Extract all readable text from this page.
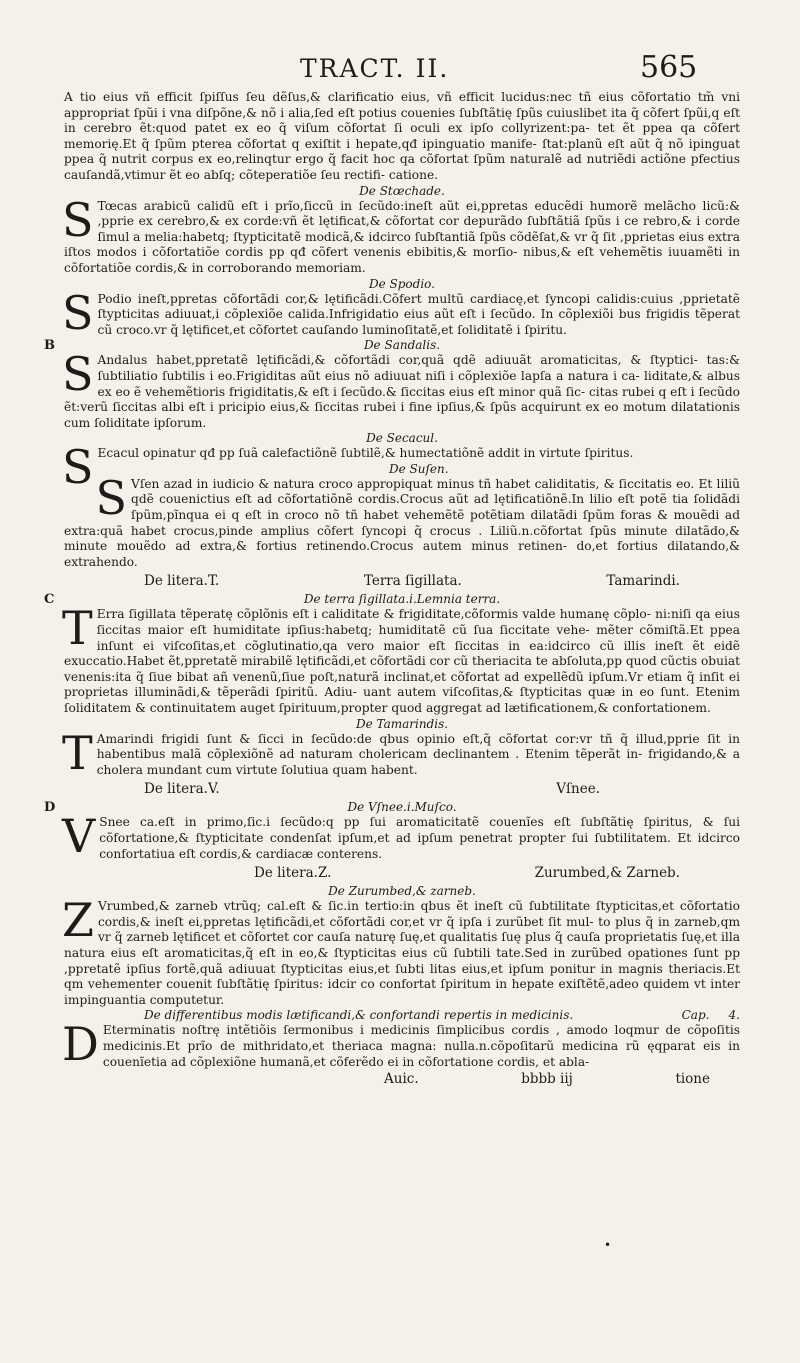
TRACT. II.	565

A tio eius vñ efficit ſpiſſus ſeu dẽſus,& clarificatio eius, vñ efficit lucidus:nec tñ eius cõfortatio tm̃ vni appropriat ſpũi i vna diſpõne,& nõ i alia,ſed eſt potius couenies ſubſtãtię ſpũs cuiuslibet ita q̃ cõfert ſpũi,q eſt in cerebro ẽt:quod patet ex eo q̃ viſum cõfortat ſi oculi ex ipſo collyrizent:pa- tet ẽt ppea qa cõfert memorię.Et q̃ ſpũm pterea cõfortat q exiſtit i hepate,qđ ipinguatio manife- ſtat:planũ eſt aũt q̃ nõ ipinguat ppea q̃ nutrit corpus ex eo,relinqtur ergo q̃ facit hoc qa cõfortat ſpũm naturalẽ ad nutriẽdi actiõne pfectius cauſandã,vtimur ẽt eo abſq; cõteperatiõe ſeu rectifi- catione.

De Stœchade.

S Tœcas arabicũ calidũ eſt i prĩo,ſiccũ in ſecũdo:ineſt aũt ei,ppretas educẽdi humorẽ melãcho licũ:& ,pprie ex cerebro,& ex corde:vñ ẽt lętificat,& cõfortat cor depurãdo ſubſtãtiã ſpũs i ce rebro,& i corde ſimul a melia:habetq; ſtypticitatẽ modicã,& idcirco ſubſtantiã ſpũs cõdẽſat,& vr q̃ ſit ,pprietas eius extra iſtos modos i cõfortatiõe cordis pp qđ cõfert venenis ebibitis,& morſio- nibus,& eſt vehemẽtis iuuamẽti in cõfortatiõe cordis,& in corroborando memoriam.

De Spodio.

S Podio ineſt,ppretas cõfortãdi cor,& lętificãdi.Cõfert multũ cardiacę,et ſyncopi calidis:cuius ,pprietatẽ ſtypticitas adiuuat,i cõplexiõe calida.Infrigidatio eius aũt eſt i ſecũdo. In cõplexiõi bus frigidis tẽperat cũ croco.vr q̃ lętificet,et cõfortet cauſando luminoſitatẽ,et ſoliditatẽ i ſpiritu.

B	De Sandalis.

S Andalus habet,ppretatẽ lętificãdi,& cõfortãdi cor,quã qdẽ adiuuãt aromaticitas, & ſtyptici- tas:& ſubtiliatio ſubtilis i eo.Frigiditas aũt eius nõ adiuuat niſi i cõplexiõe lapſa a natura i ca- liditate,& albus ex eo ẽ vehemẽtioris frigiditatis,& eſt i ſecũdo.& ſiccitas eius eſt minor quã ſic- citas rubei q eſt i ſecũdo ẽt:verũ ſiccitas albi eſt i pricipio eius,& ſiccitas rubei i fine ipſius,& ſpũs acquirunt ex eo motum dilatationis cum ſoliditate ipſorum.

De Secacul.

S Ecacul opinatur qđ pp ſuã calefactiõnẽ ſubtilẽ,& humectatiõnẽ addit in virtute ſpiritus.

De Suſen.

S Vſen azad in iudicio & natura croco appropiquat minus tñ habet caliditatis, & ſiccitatis eo. Et liliũ qdẽ couenictius eſt ad cõfortatiõnẽ cordis.Crocus aũt ad lętificatiõnẽ.In lilio eſt potẽ tia ſolidãdi ſpũm,pĩnqua ei q eſt in croco nõ tñ habet vehemẽtẽ potẽtiam dilatãdi ſpũm foras & mouẽdi ad extra:quã habet crocus,pinde amplius cõfert ſyncopi q̃ crocus . Liliũ.n.cõfortat ſpũs minute dilatãdo,& minute mouẽdo ad extra,& fortius retinendo.Crocus autem minus retinen- do,et fortius dilatando,& extrahendo.

De litera.T.	Terra ſigillata.	Tamarindi.
C	De terra ſigillata.i.Lemnia terra.

T Erra ſigillata tẽperatę cõplõnis eſt i caliditate & frigiditate,cõformis valde humanę cõplo- ni:niſi qa eius ſiccitas maior eſt humiditate ipſius:habetq; humiditatẽ cũ ſua ſiccitate vehe- mẽter cõmiſtã.Et ppea inſunt ei viſcoſitas,et cõglutinatio,qa vero maior eſt ſiccitas in ea:idcirco cũ illis ineſt ẽt eidẽ exuccatio.Habet ẽt,ppretatẽ mirabilẽ lętificãdi,et cõfortãdi cor cũ theriacita te abſoluta,pp quod cũctis obuiat venenis:ita q̃ ſiue bibat añ venenũ,ſiue poſt,naturã inclinat,et cõfortat ad expellẽdũ ipſum.Vr etiam q̃ inſit ei proprietas illuminãdi,& tẽperãdi ſpiritũ. Adiu- uant autem viſcoſitas,& ſtypticitas quæ in eo ſunt. Etenim ſoliditatem & continuitatem auget ſpirituum,propter quod aggregat ad lætificationem,& confortationem.

De Tamarindis.

T Amarindi frigidi ſunt & ſicci in ſecũdo:de qbus opinio eſt,q̃ cõfortat cor:vr tñ q̃ illud,pprie ſit in habentibus malã cõplexiõnẽ ad naturam cholericam declinantem . Etenim tẽperãt in- frigidando,& a cholera mundant cum virtute ſolutiua quam habent.

De litera.V.	Vſnee.
D	De Vſnee.i.Muſco.

V Snee ca.eſt in primo,ſic.i ſecũdo:q pp ſui aromaticitatẽ couenĩes eſt ſubſtãtię ſpiritus, & ſui cõfortatione,& ſtypticitate condenſat ipſum,et ad ipſum penetrat propter ſui ſubtilitatem. Et idcirco confortatiua eſt cordis,& cardiacæ conterens.

De litera.Z.	Zurumbed,& Zarneb.

De Zurumbed,& zarneb.

Z Vrumbed,& zarneb vtrũq; cal.eſt & ſic.in tertio:in qbus ẽt ineſt cũ ſubtilitate ſtypticitas,et cõfortatio cordis,& ineſt ei,ppretas lętificãdi,et cõfortãdi cor,et vr q̃ ipſa i zurũbet ſit mul- to plus q̃ in zarneb,qm vr q̃ zarneb lętificet et cõfortet cor cauſa naturę ſuę,et qualitatis ſuę plus q̃ cauſa proprietatis ſuę,et illa natura eius eſt aromaticitas,q̃ eſt in eo,& ſtypticitas eius cũ ſubtili tate.Sed in zurũbed opationes ſunt pp ,ppretatẽ ipſius fortẽ,quã adiuuat ſtypticitas eius,et ſubti litas eius,et ipſum ponitur in magnis theriacis.Et qm vehementer couenit ſubſtãtię ſpiritus: idcir co confortat ſpiritum in hepate exiſtẽtẽ,adeo quidem vt inter impinguantia computetur.

De differentibus modis lætificandi,& confortandi repertis in medicinis.	Cap. 4.

D Eterminatis noſtrę intẽtiõis ſermonibus i medicinis ſimplicibus cordis , amodo loqmur de cõpoſitis medicinis.Et prĩo de mithridato,et theriaca magna: nulla.n.cõpoſitarũ medicina rũ ęqparat eis in couenĩetia ad cõplexiõne humanã,et cõferẽdo ei in cõfortatione cordis, et abla-

Auic.	bbbb iij	tione
•
